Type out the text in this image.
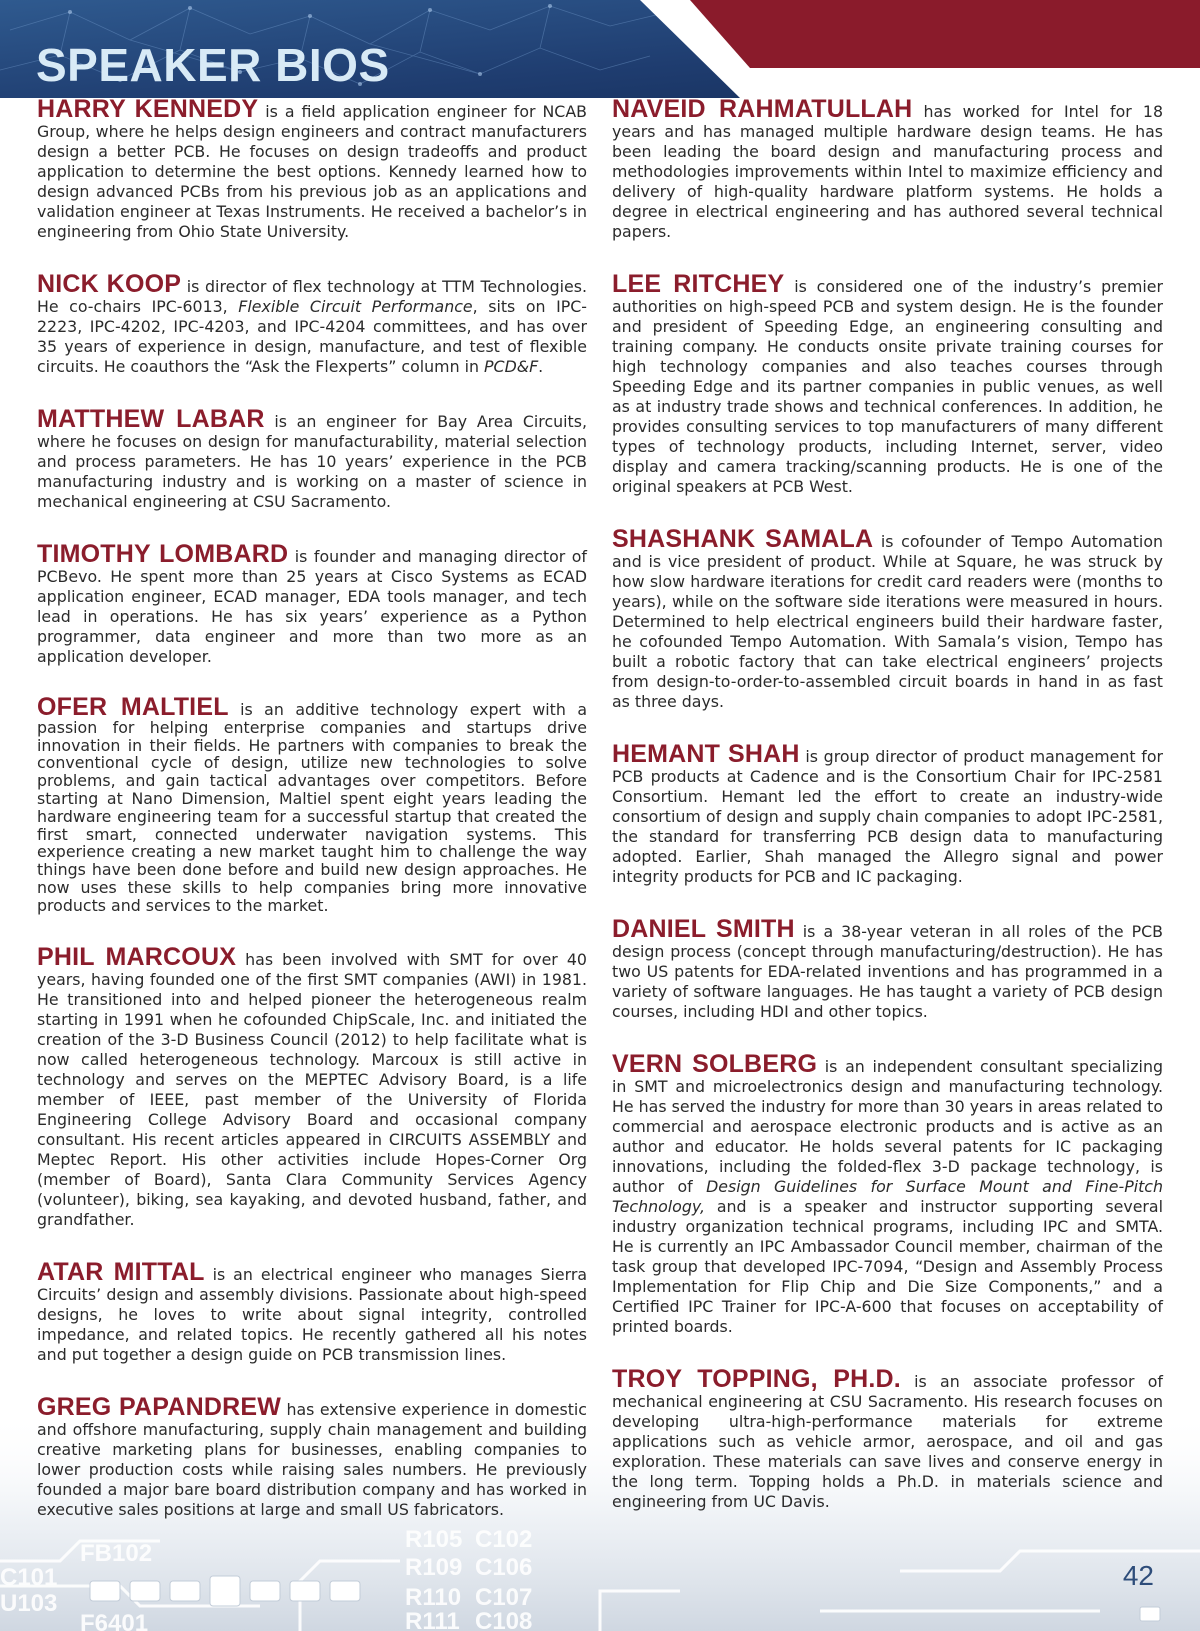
SPEAKER BIOS
C101
U103
FB102
R105 C102
R109 C106
R110 C107
R111 C108
F6401

HARRY KENNEDY is a field application engineer for NCAB Group, where he helps design engineers and contract manufacturers design a better PCB. He focuses on design tradeoffs and product application to determine the best options. Kennedy learned how to design advanced PCBs from his previous job as an applications and validation engineer at Texas Instruments. He received a bachelor’s in engineering from Ohio State University.

NICK KOOP is director of flex technology at TTM Technologies. He co-chairs IPC-6013, Flexible Circuit Performance, sits on IPC-2223, IPC-4202, IPC-4203, and IPC-4204 committees, and has over 35 years of experience in design, manufacture, and test of flexible circuits. He coauthors the “Ask the Flexperts” column in PCD&F.

MATTHEW LABAR is an engineer for Bay Area Circuits, where he focuses on design for manufacturability, material selection and process parameters. He has 10 years’ experience in the PCB manufacturing industry and is working on a master of science in mechanical engineering at CSU Sacramento.

TIMOTHY LOMBARD is founder and managing director of PCBevo. He spent more than 25 years at Cisco Systems as ECAD application engineer, ECAD manager, EDA tools manager, and tech lead in operations. He has six years’ experience as a Python programmer, data engineer and more than two more as an application developer.

OFER MALTIEL is an additive technology expert with a passion for helping enterprise companies and startups drive innovation in their fields. He partners with companies to break the conventional cycle of design, utilize new technologies to solve problems, and gain tactical advantages over competitors. Before starting at Nano Dimension, Maltiel spent eight years leading the hardware engineering team for a successful startup that created the first smart, connected underwater navigation systems. This experience creating a new market taught him to challenge the way things have been done before and build new design approaches. He now uses these skills to help companies bring more innovative products and services to the market.

PHIL MARCOUX has been involved with SMT for over 40 years, having founded one of the first SMT companies (AWI) in 1981. He transitioned into and helped pioneer the heterogeneous realm starting in 1991 when he cofounded ChipScale, Inc. and initiated the creation of the 3-D Business Council (2012) to help facilitate what is now called heterogeneous technology. Marcoux is still active in technology and serves on the MEPTEC Advisory Board, is a life member of IEEE, past member of the University of Florida Engineering College Advisory Board and occasional company consultant. His recent articles appeared in CIRCUITS ASSEMBLY and Meptec Report. His other activities include Hopes-Corner Org (member of Board), Santa Clara Community Services Agency (volunteer), biking, sea kayaking, and devoted husband, father, and grandfather.

ATAR MITTAL is an electrical engineer who manages Sierra Circuits’ design and assembly divisions. Passionate about high-speed designs, he loves to write about signal integrity, controlled impedance, and related topics. He recently gathered all his notes and put together a design guide on PCB transmission lines.

GREG PAPANDREW has extensive experience in domestic and offshore manufacturing, supply chain management and building creative marketing plans for businesses, enabling companies to lower production costs while raising sales numbers. He previously founded a major bare board distribution company and has worked in executive sales positions at large and small US fabricators.

NAVEID RAHMATULLAH has worked for Intel for 18 years and has managed multiple hardware design teams. He has been leading the board design and manufacturing process and methodologies improvements within Intel to maximize efficiency and delivery of high-quality hardware platform systems. He holds a degree in electrical engineering and has authored several technical papers.

LEE RITCHEY is considered one of the industry’s premier authorities on high-speed PCB and system design. He is the founder and president of Speeding Edge, an engineering consulting and training company. He conducts onsite private training courses for high technology companies and also teaches courses through Speeding Edge and its partner companies in public venues, as well as at industry trade shows and technical conferences. In addition, he provides consulting services to top manufacturers of many different types of technology products, including Internet, server, video display and camera tracking/scanning products. He is one of the original speakers at PCB West.

SHASHANK SAMALA is cofounder of Tempo Automation and is vice president of product. While at Square, he was struck by how slow hardware iterations for credit card readers were (months to years), while on the software side iterations were measured in hours. Determined to help electrical engineers build their hardware faster, he cofounded Tempo Automation. With Samala’s vision, Tempo has built a robotic factory that can take electrical engineers’ projects from design-to-order-to-assembled circuit boards in hand in as fast as three days.

HEMANT SHAH is group director of product management for PCB products at Cadence and is the Consortium Chair for IPC-2581 Consortium. Hemant led the effort to create an industry-wide consortium of design and supply chain companies to adopt IPC-2581, the standard for transferring PCB design data to manufacturing adopted. Earlier, Shah managed the Allegro signal and power integrity products for PCB and IC packaging.

DANIEL SMITH is a 38-year veteran in all roles of the PCB design process (concept through manufacturing/destruction). He has two US patents for EDA-related inventions and has programmed in a variety of software languages. He has taught a variety of PCB design courses, including HDI and other topics.

VERN SOLBERG is an independent consultant specializing in SMT and microelectronics design and manufacturing technology. He has served the industry for more than 30 years in areas related to commercial and aerospace electronic products and is active as an author and educator. He holds several patents for IC packaging innovations, including the folded-flex 3-D package technology, is author of Design Guidelines for Surface Mount and Fine-Pitch Technology, and is a speaker and instructor supporting several industry organization technical programs, including IPC and SMTA. He is currently an IPC Ambassador Council member, chairman of the task group that developed IPC-7094, “Design and Assembly Process Implementation for Flip Chip and Die Size Components,” and a Certified IPC Trainer for IPC-A-600 that focuses on acceptability of printed boards.

TROY TOPPING, PH.D. is an associate professor of mechanical engineering at CSU Sacramento. His research focuses on developing ultra-high-performance materials for extreme applications such as vehicle armor, aerospace, and oil and gas exploration. These materials can save lives and conserve energy in the long term. Topping holds a Ph.D. in materials science and engineering from UC Davis.

42
